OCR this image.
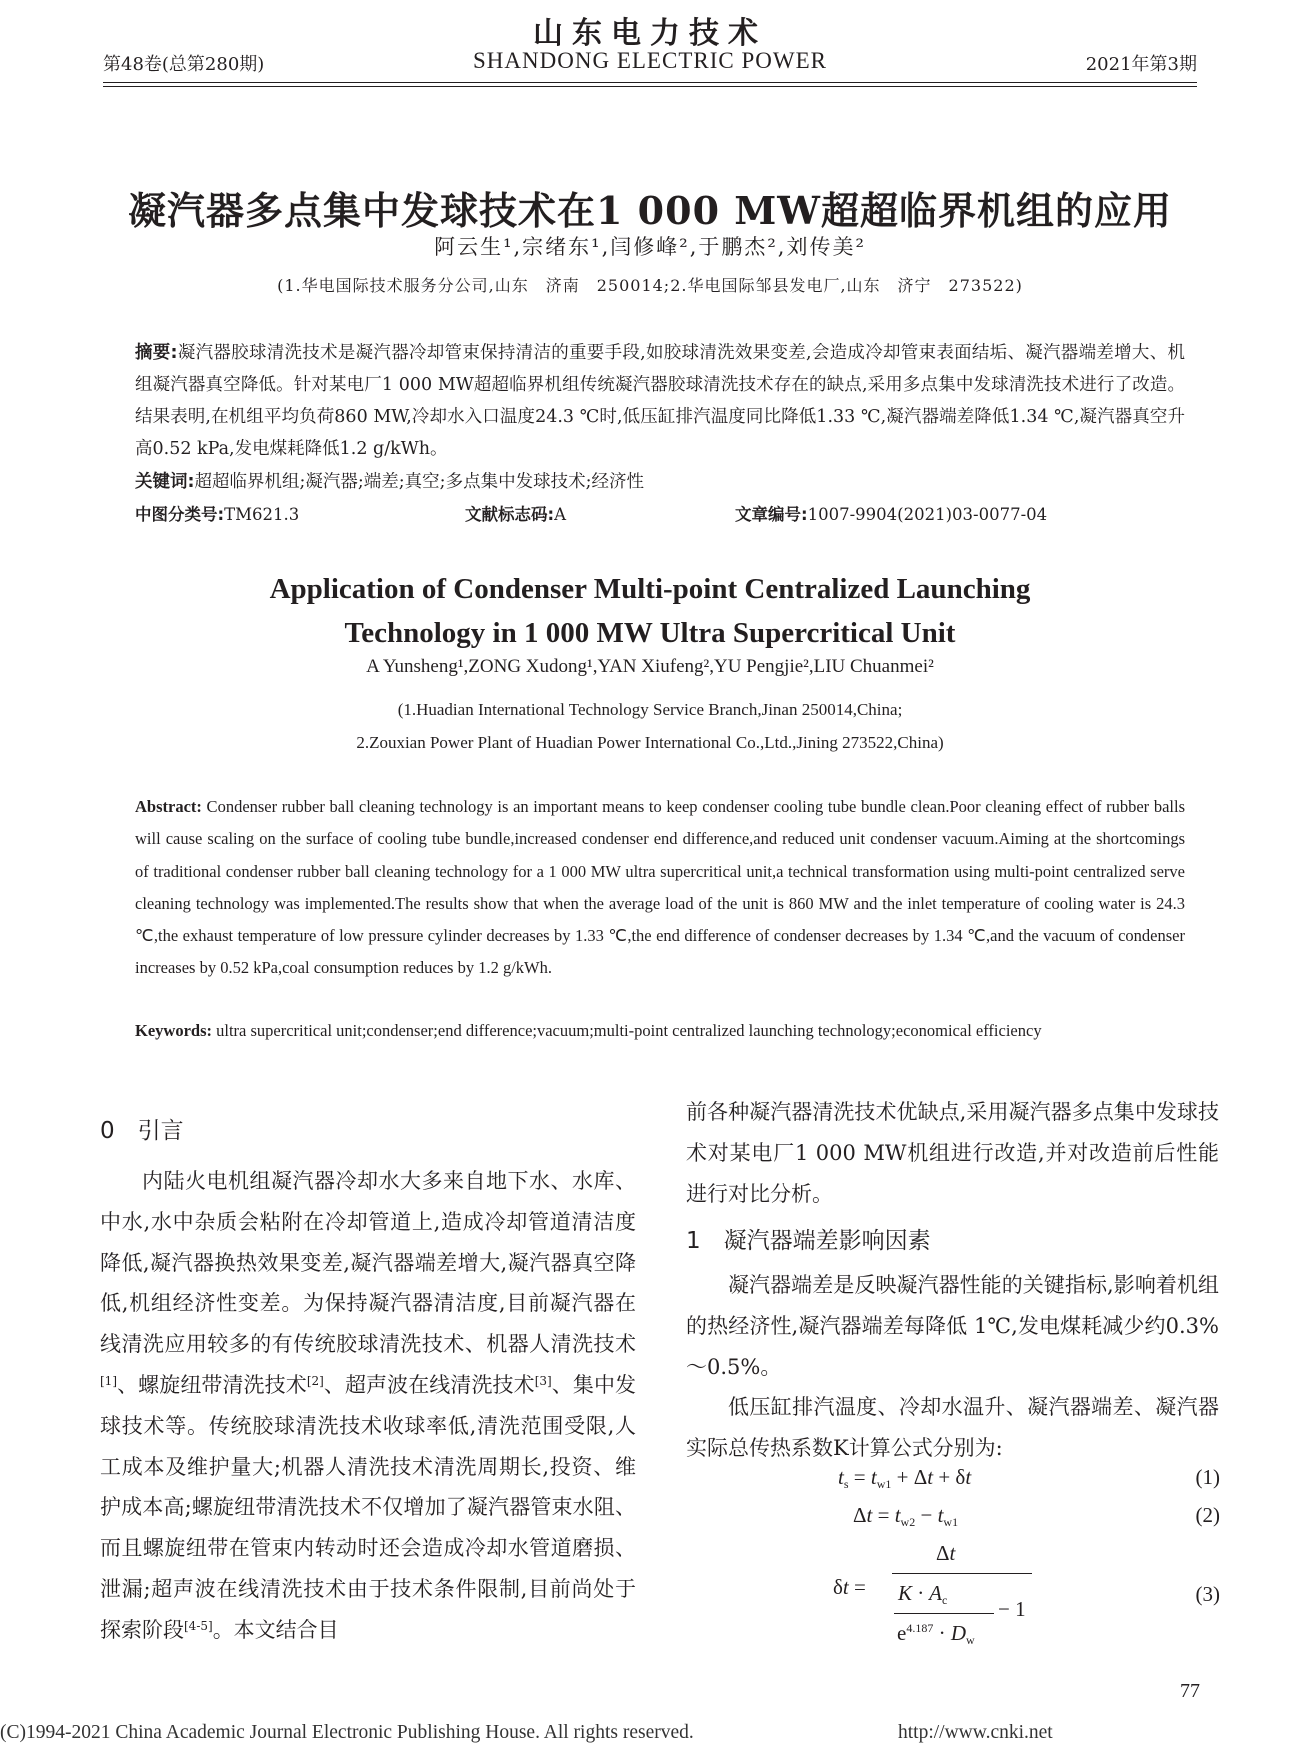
山东电力技术
第48卷(总第280期)	SHANDONG ELECTRIC POWER	2021年第3期
凝汽器多点集中发球技术在1 000 MW超超临界机组的应用
阿云生¹,宗绪东¹,闫修峰²,于鹏杰²,刘传美²
(1.华电国际技术服务分公司,山东　济南　250014;2.华电国际邹县发电厂,山东　济宁　273522)
摘要:凝汽器胶球清洗技术是凝汽器冷却管束保持清洁的重要手段,如胶球清洗效果变差,会造成冷却管束表面结垢、凝汽器端差增大、机组凝汽器真空降低。针对某电厂1 000 MW超超临界机组传统凝汽器胶球清洗技术存在的缺点,采用多点集中发球清洗技术进行了改造。结果表明,在机组平均负荷860 MW,冷却水入口温度24.3 ℃时,低压缸排汽温度同比降低1.33 ℃,凝汽器端差降低1.34 ℃,凝汽器真空升高0.52 kPa,发电煤耗降低1.2 g/kWh。
关键词:超超临界机组;凝汽器;端差;真空;多点集中发球技术;经济性
中图分类号:TM621.3	文献标志码:A	文章编号:1007-9904(2021)03-0077-04
Application of Condenser Multi-point Centralized Launching
Technology in 1 000 MW Ultra Supercritical Unit
A Yunsheng¹,ZONG Xudong¹,YAN Xiufeng²,YU Pengjie²,LIU Chuanmei²
(1.Huadian International Technology Service Branch,Jinan 250014,China;
2.Zouxian Power Plant of Huadian Power International Co.,Ltd.,Jining 273522,China)
Abstract: Condenser rubber ball cleaning technology is an important means to keep condenser cooling tube bundle clean.Poor cleaning effect of rubber balls will cause scaling on the surface of cooling tube bundle,increased condenser end difference,and reduced unit condenser vacuum.Aiming at the shortcomings of traditional condenser rubber ball cleaning technology for a 1 000 MW ultra supercritical unit,a technical transformation using multi-point centralized serve cleaning technology was implemented.The results show that when the average load of the unit is 860 MW and the inlet temperature of cooling water is 24.3 ℃,the exhaust temperature of low pressure cylinder decreases by 1.33 ℃,the end difference of condenser decreases by 1.34 ℃,and the vacuum of condenser increases by 0.52 kPa,coal consumption reduces by 1.2 g/kWh.
Keywords: ultra supercritical unit;condenser;end difference;vacuum;multi-point centralized launching technology;economical efficiency
0　引言

内陆火电机组凝汽器冷却水大多来自地下水、水库、中水,水中杂质会粘附在冷却管道上,造成冷却管道清洁度降低,凝汽器换热效果变差,凝汽器端差增大,凝汽器真空降低,机组经济性变差。为保持凝汽器清洁度,目前凝汽器在线清洗应用较多的有传统胶球清洗技术、机器人清洗技术[1]、螺旋纽带清洗技术[2]、超声波在线清洗技术[3]、集中发球技术等。传统胶球清洗技术收球率低,清洗范围受限,人工成本及维护量大;机器人清洗技术清洗周期长,投资、维护成本高;螺旋纽带清洗技术不仅增加了凝汽器管束水阻、而且螺旋纽带在管束内转动时还会造成冷却水管道磨损、泄漏;超声波在线清洗技术由于技术条件限制,目前尚处于探索阶段[4-5]。本文结合目

前各种凝汽器清洗技术优缺点,采用凝汽器多点集中发球技术对某电厂1 000 MW机组进行改造,并对改造前后性能进行对比分析。

1　凝汽器端差影响因素

凝汽器端差是反映凝汽器性能的关键指标,影响着机组的热经济性,凝汽器端差每降低 1℃,发电煤耗减少约0.3%～0.5%。

低压缸排汽温度、冷却水温升、凝汽器端差、凝汽器实际总传热系数K计算公式分别为:

$t_s = t_{w1} + \Delta t + \delta t$	(1)
$\Delta t = t_{w2} - t_{w1}$	(2)
δt =
Δt
$K \cdot A_c$
$e^{4.187} \cdot D_w$
− 1
(3)
77
(C)1994-2021 China Academic Journal Electronic Publishing House. All rights reserved.	http://www.cnki.net
